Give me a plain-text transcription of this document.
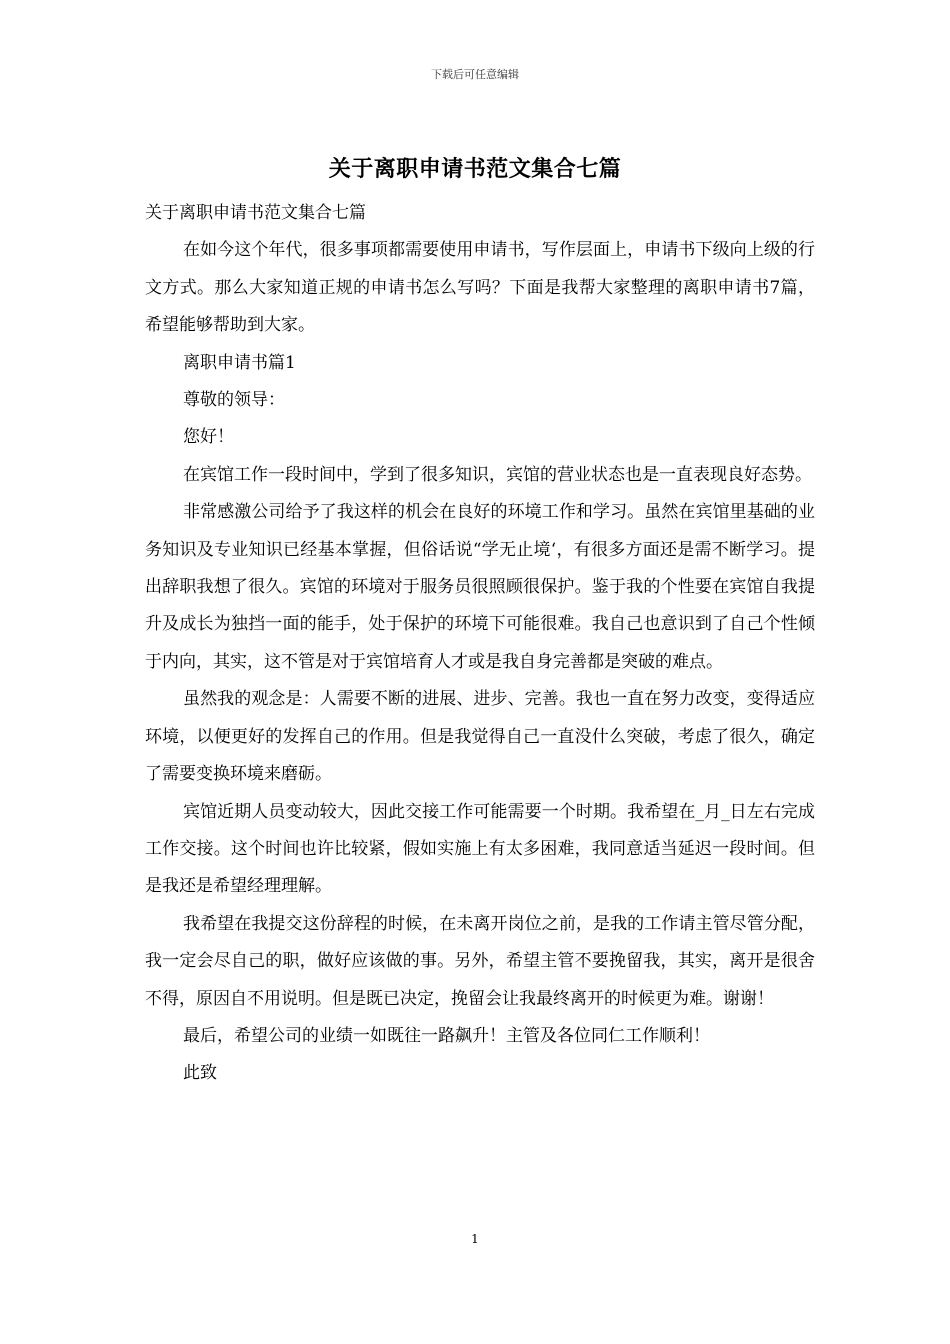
下载后可任意编辑
关于离职申请书范文集合七篇

关于离职申请书范文集合七篇

在如今这个年代，很多事项都需要使用申请书，写作层面上，申请书下级向上级的行文方式。那么大家知道正规的申请书怎么写吗？下面是我帮大家整理的离职申请书7篇，希望能够帮助到大家。

离职申请书篇1

尊敬的领导：

您好！

在宾馆工作一段时间中，学到了很多知识，宾馆的营业状态也是一直表现良好态势。

非常感激公司给予了我这样的机会在良好的环境工作和学习。虽然在宾馆里基础的业务知识及专业知识已经基本掌握，但俗话说“学无止境‘，有很多方面还是需不断学习。提出辞职我想了很久。宾馆的环境对于服务员很照顾很保护。鉴于我的个性要在宾馆自我提升及成长为独挡一面的能手，处于保护的环境下可能很难。我自己也意识到了自己个性倾于内向，其实，这不管是对于宾馆培育人才或是我自身完善都是突破的难点。

虽然我的观念是：人需要不断的进展、进步、完善。我也一直在努力改变，变得适应环境，以便更好的发挥自己的作用。但是我觉得自己一直没什么突破，考虑了很久，确定了需要变换环境来磨砺。

宾馆近期人员变动较大，因此交接工作可能需要一个时期。我希望在_月_日左右完成工作交接。这个时间也许比较紧，假如实施上有太多困难，我同意适当延迟一段时间。但是我还是希望经理理解。

我希望在我提交这份辞程的时候，在未离开岗位之前，是我的工作请主管尽管分配，我一定会尽自己的职，做好应该做的事。另外，希望主管不要挽留我，其实，离开是很舍不得，原因自不用说明。但是既已决定，挽留会让我最终离开的时候更为难。谢谢！

最后，希望公司的业绩一如既往一路飙升！主管及各位同仁工作顺利！

此致

1
